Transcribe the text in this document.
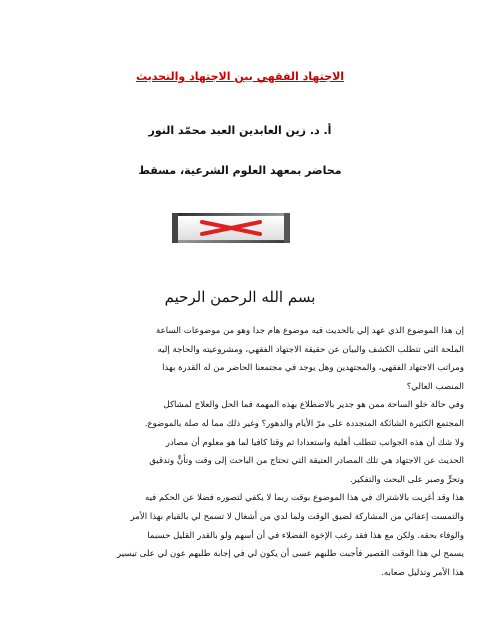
الاجتهاد الفقهي بين الاجتهاد والتحديث
أ. د. زين العابدين العبد محمّد النور
محاضر بمعهد العلوم الشرعية، مسقط
بسم الله الرحمن الرحيم
إن هذا الموضوع الذي عهد إلي بالحديث فيه موضوع هام جدا وهو من موضوعات الساعة
الملحة التي تتطلب الكشف والبيان عن حقيقة الاجتهاد الفقهي، ومشروعيته والحاجة إليه
ومراتب الاجتهاد الفقهي، والمجتهدين وهل يوجد في مجتمعنا الحاضر من له القدرة بهذا
المنصب العالي؟
وفي حالة خلو الساحة ممن هو جدير بالاضطلاع بهذه المهمة فما الحل والعلاج لمشاكل
المجتمع الكثيرة الشائكة المتجددة على مرّ الأيام والدهور؟ وغير ذلك مما له صلة بالموضوع.
ولا شك أن هذه الجوانب تتطلب أهلية واستعدادا ثم وقتا كافيا لما هو معلوم أن مصادر
الحديث عن الاجتهاد هي تلك المصادر العتيقة التي تحتاج من الباحث إلى وقت وتأنٍّ وتدقيق
وتحرٍّ وصبر على البحث والتفكير.
هذا وقد أغريت بالاشتراك في هذا الموضوع بوقت ربما لا يكفي لتصوره فضلا عن الحكم فيه
والتمست إعفائي من المشاركة لضيق الوقت ولما لدي من أشغال لا تسمح لي بالقيام بهذا الأمر
والوفاء بحقه. ولكن مع هذا فقد رغب الإخوة الفضلاء في أن أسهم ولو بالقدر القليل حسبما
يسمح لي هذا الوقت القصير فأجبت طلبهم عسى أن يكون لي في إجابة طلبهم عون لي على تيسير
هذا الأمر وتذليل صعابه.
